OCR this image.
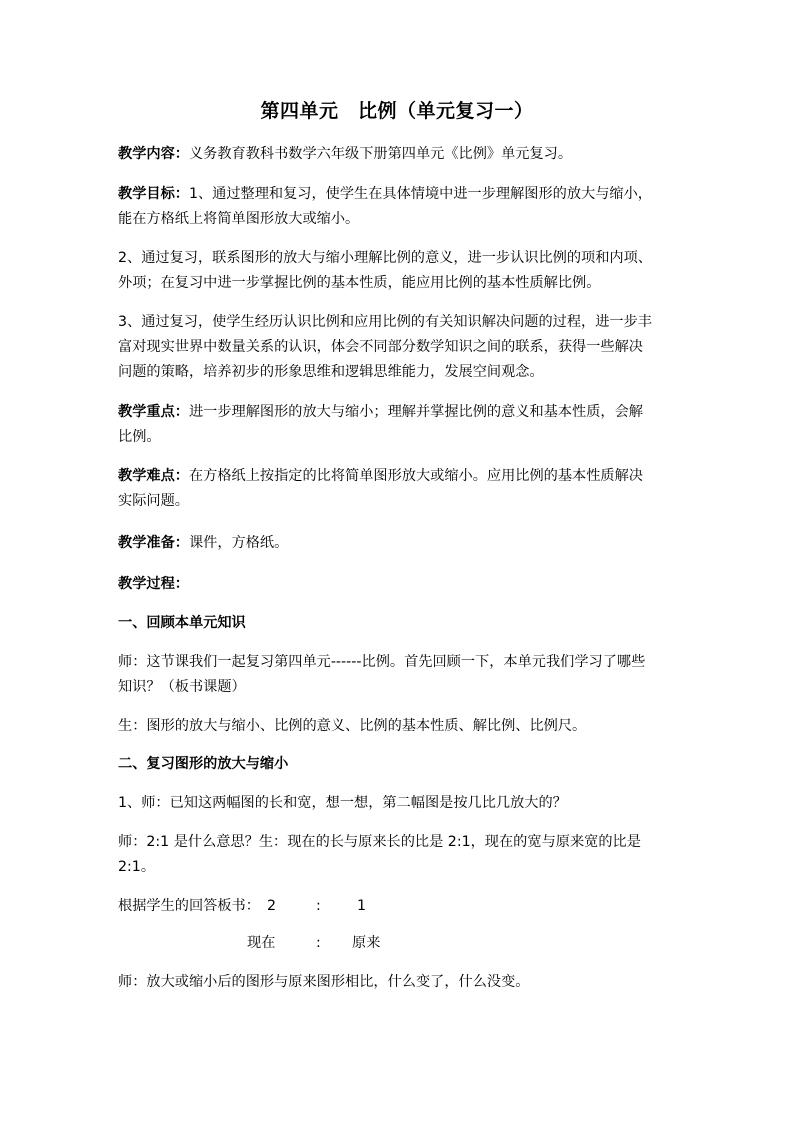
第四单元　比例（单元复习一）
教学内容：义务教育教科书数学六年级下册第四单元《比例》单元复习。
教学目标：1、通过整理和复习，使学生在具体情境中进一步理解图形的放大与缩小，
能在方格纸上将简单图形放大或缩小。
2、通过复习，联系图形的放大与缩小理解比例的意义，进一步认识比例的项和内项、
外项；在复习中进一步掌握比例的基本性质，能应用比例的基本性质解比例。
3、通过复习，使学生经历认识比例和应用比例的有关知识解决问题的过程，进一步丰
富对现实世界中数量关系的认识，体会不同部分数学知识之间的联系，获得一些解决
问题的策略，培养初步的形象思维和逻辑思维能力，发展空间观念。
教学重点：进一步理解图形的放大与缩小；理解并掌握比例的意义和基本性质，会解
比例。
教学难点：在方格纸上按指定的比将简单图形放大或缩小。应用比例的基本性质解决
实际问题。
教学准备：课件，方格纸。
教学过程：
一、回顾本单元知识
师：这节课我们一起复习第四单元------比例。首先回顾一下，本单元我们学习了哪些
知识？（板书课题）
生：图形的放大与缩小、比例的意义、比例的基本性质、解比例、比例尺。
二、复习图形的放大与缩小
1、师：已知这两幅图的长和宽，想一想，第二幅图是按几比几放大的？
师：2:1 是什么意思？生：现在的长与原来长的比是 2:1，现在的宽与原来宽的比是
2:1。
根据学生的回答板书： 2	:	1
现在	:	原来
师：放大或缩小后的图形与原来图形相比，什么变了，什么没变。
